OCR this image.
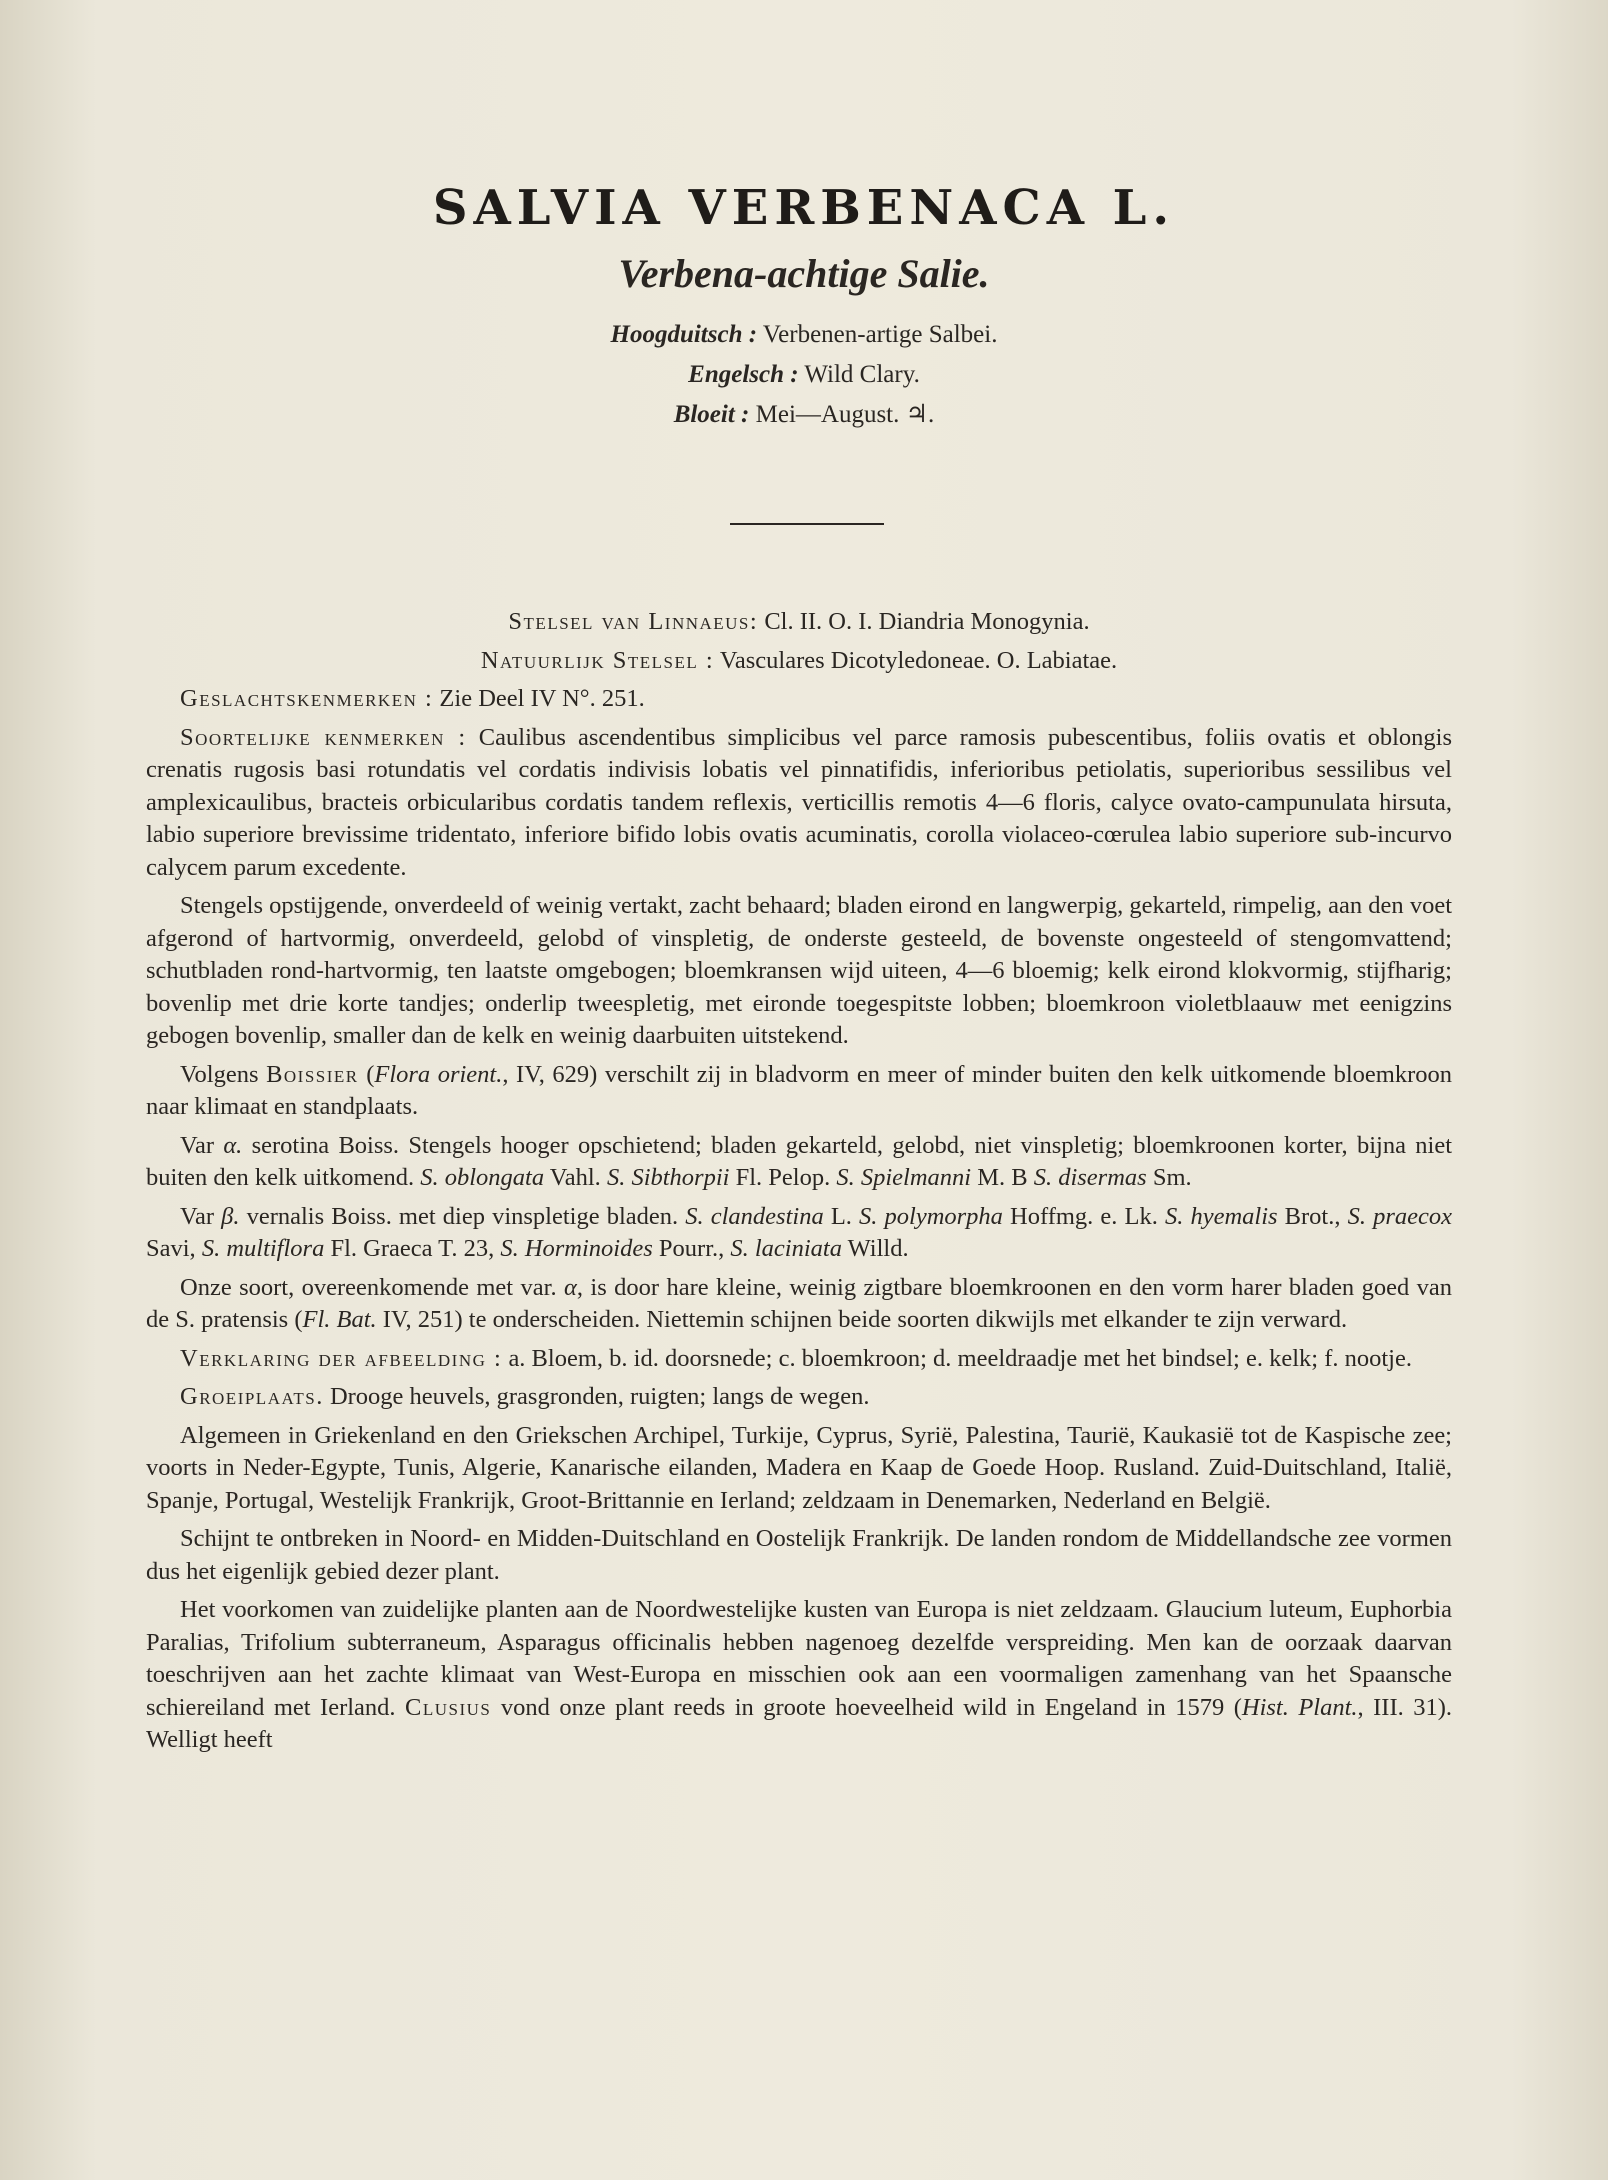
SALVIA VERBENACA L.
Verbena-achtige Salie.
Hoogduitsch : Verbenen-artige Salbei.
Engelsch : Wild Clary.
Bloeit : Mei—August. ♃.

Stelsel van Linnaeus: Cl. II. O. I. Diandria Monogynia.

Natuurlijk Stelsel : Vasculares Dicotyledoneae. O. Labiatae.

Geslachtskenmerken : Zie Deel IV N°. 251.

Soortelijke kenmerken : Caulibus ascendentibus simplicibus vel parce ramosis pubescentibus, foliis ovatis et oblongis crenatis rugosis basi rotundatis vel cordatis indivisis lobatis vel pinnatifidis, inferioribus petiolatis, superioribus sessilibus vel amplexicaulibus, bracteis orbicularibus cordatis tandem reflexis, verticillis remotis 4—6 floris, calyce ovato-campunulata hirsuta, labio superiore brevissime tridentato, inferiore bifido lobis ovatis acuminatis, corolla violaceo-cœrulea labio superiore sub-incurvo calycem parum excedente.

Stengels opstijgende, onverdeeld of weinig vertakt, zacht behaard; bladen eirond en langwerpig, gekarteld, rimpelig, aan den voet afgerond of hartvormig, onverdeeld, gelobd of vinspletig, de onderste gesteeld, de bovenste ongesteeld of stengomvattend; schutbladen rond-hartvormig, ten laatste omgebogen; bloemkransen wijd uiteen, 4—6 bloemig; kelk eirond klokvormig, stijfharig; bovenlip met drie korte tandjes; onderlip tweespletig, met eironde toegespitste lobben; bloemkroon violetblaauw met eenigzins gebogen bovenlip, smaller dan de kelk en weinig daarbuiten uitstekend.

Volgens Boissier (Flora orient., IV, 629) verschilt zij in bladvorm en meer of minder buiten den kelk uitkomende bloemkroon naar klimaat en standplaats.

Var α. serotina Boiss. Stengels hooger opschietend; bladen gekarteld, gelobd, niet vinspletig; bloemkroonen korter, bijna niet buiten den kelk uitkomend. S. oblongata Vahl. S. Sibthorpii Fl. Pelop. S. Spielmanni M. B S. disermas Sm.

Var β. vernalis Boiss. met diep vinspletige bladen. S. clandestina L. S. polymorpha Hoffmg. e. Lk. S. hyemalis Brot., S. praecox Savi, S. multiflora Fl. Graeca T. 23, S. Horminoides Pourr., S. laciniata Willd.

Onze soort, overeenkomende met var. α, is door hare kleine, weinig zigtbare bloemkroonen en den vorm harer bladen goed van de S. pratensis (Fl. Bat. IV, 251) te onderscheiden. Niettemin schijnen beide soorten dikwijls met elkander te zijn verward.

Verklaring der afbeelding : a. Bloem, b. id. doorsnede; c. bloemkroon; d. meeldraadje met het bindsel; e. kelk; f. nootje.

Groeiplaats. Drooge heuvels, grasgronden, ruigten; langs de wegen.

Algemeen in Griekenland en den Griekschen Archipel, Turkije, Cyprus, Syrië, Palestina, Taurië, Kaukasië tot de Kaspische zee; voorts in Neder-Egypte, Tunis, Algerie, Kanarische eilanden, Madera en Kaap de Goede Hoop. Rusland. Zuid-Duitschland, Italië, Spanje, Portugal, Westelijk Frankrijk, Groot-Brittannie en Ierland; zeldzaam in Denemarken, Nederland en België.

Schijnt te ontbreken in Noord- en Midden-Duitschland en Oostelijk Frankrijk. De landen rondom de Middellandsche zee vormen dus het eigenlijk gebied dezer plant.

Het voorkomen van zuidelijke planten aan de Noordwestelijke kusten van Europa is niet zeldzaam. Glaucium luteum, Euphorbia Paralias, Trifolium subterraneum, Asparagus officinalis hebben nagenoeg dezelfde verspreiding. Men kan de oorzaak daarvan toeschrijven aan het zachte klimaat van West-Europa en misschien ook aan een voormaligen zamenhang van het Spaansche schiereiland met Ierland. Clusius vond onze plant reeds in groote hoeveelheid wild in Engeland in 1579 (Hist. Plant., III. 31). Welligt heeft
